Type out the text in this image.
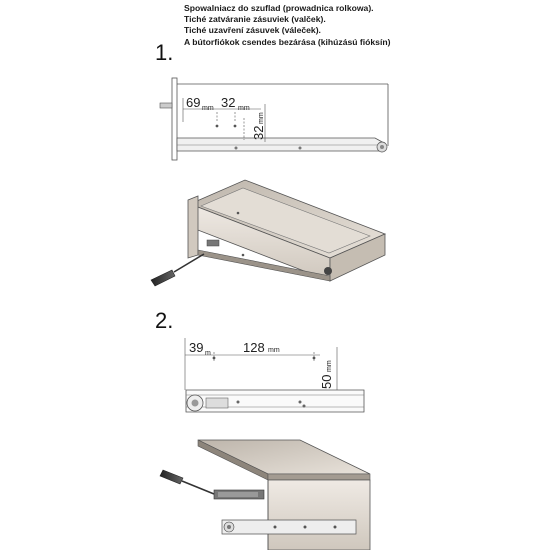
Spowalniacz do szuflad (prowadnica rolkowa).
Tiché zatváranie zásuviek (valček).
Tiché uzavření zásuvek (váleček).
A bútorfiókok csendes bezárása (kihúzású fióksín)
1.
2.
69 mm 32 mm
32
mm
39 m 128 mm
50
mm
